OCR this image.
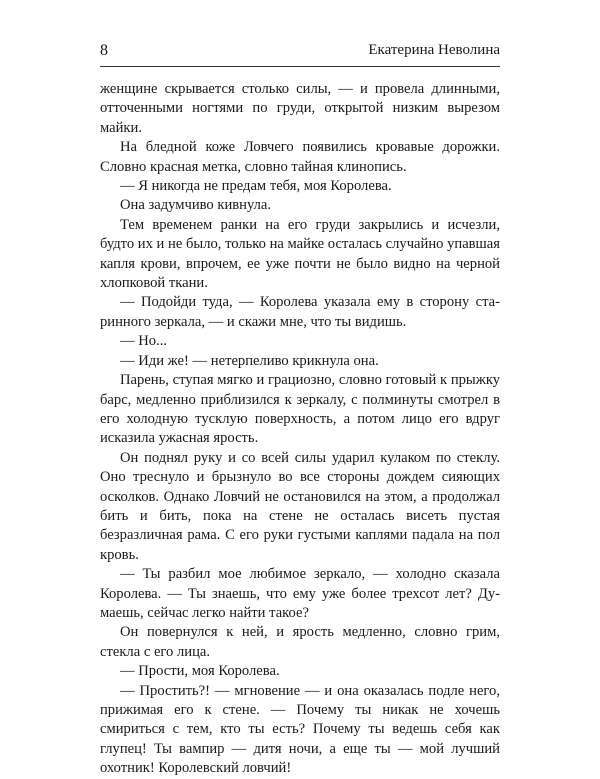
8	Екатерина Неволина

женщине скрывается столько силы, — и провела длинными, отточенными ногтями по груди, открытой низким вырезом майки.

На бледной коже Ловчего появились кровавые дорожки. Словно красная метка, словно тайная клинопись.

— Я никогда не предам тебя, моя Королева.

Она задумчиво кивнула.

Тем временем ранки на его груди закрылись и исчезли, будто их и не было, только на майке осталась случайно упавшая капля крови, впрочем, ее уже почти не было видно на черной хлопковой ткани.

— Подойди туда, — Королева указала ему в сторону старинного зеркала, — и скажи мне, что ты видишь.

— Но...

— Иди же! — нетерпеливо крикнула она.

Парень, ступая мягко и грациозно, словно готовый к прыжку барс, медленно приблизился к зеркалу, с полминуты смотрел в его холодную тусклую поверхность, а потом лицо его вдруг исказила ужасная ярость.

Он поднял руку и со всей силы ударил кулаком по стеклу. Оно треснуло и брызнуло во все стороны дождем сияющих осколков. Однако Ловчий не остановился на этом, а продолжал бить и бить, пока на стене не осталась висеть пустая безразличная рама. С его руки густыми каплями падала на пол кровь.

— Ты разбил мое любимое зеркало, — холодно сказала Королева. — Ты знаешь, что ему уже более трехсот лет? Думаешь, сейчас легко найти такое?

Он повернулся к ней, и ярость медленно, словно грим, стекла с его лица.

— Прости, моя Королева.

— Простить?! — мгновение — и она оказалась подле него, прижимая его к стене. — Почему ты никак не хочешь смириться с тем, кто ты есть? Почему ты ведешь себя как глупец! Ты вампир — дитя ночи, а еще ты — мой лучший охотник! Королевский ловчий!
